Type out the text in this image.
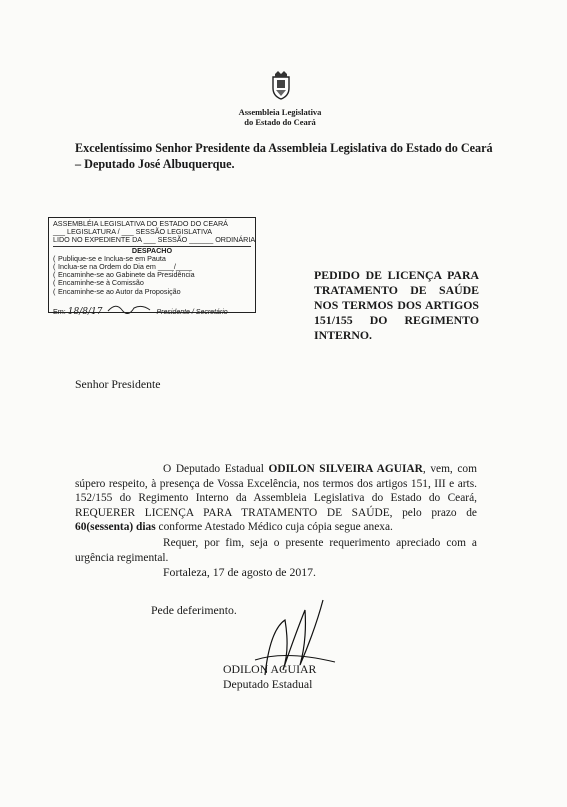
Assembleia Legislativa
do Estado do Ceará
Excelentíssimo Senhor Presidente da Assembleia Legislativa do Estado do Ceará – Deputado José Albuquerque.
ASSEMBLÉIA LEGISLATIVA DO ESTADO DO CEARÁ
___ LEGISLATURA / ___ SESSÃO LEGISLATIVA
LIDO NO EXPEDIENTE DA ___ SESSÃO ______ ORDINÁRIA
DESPACHO
( Publique-se e Inclua-se em Pauta
( Inclua-se na Ordem do Dia em ____/____
( Encaminhe-se ao Gabinete da Presidência
( Encaminhe-se à Comissão
( Encaminhe-se ao Autor da Proposição
Em: 18/8/17	Presidente / Secretário
PEDIDO DE LICENÇA PARA TRATAMENTO DE SAÚDE NOS TERMOS DOS ARTIGOS 151/155 DO REGIMENTO INTERNO.
Senhor Presidente
O Deputado Estadual ODILON SILVEIRA AGUIAR, vem, com súpero respeito, à presença de Vossa Excelência, nos termos dos artigos 151, III e arts. 152/155 do Regimento Interno da Assembleia Legislativa do Estado do Ceará, REQUERER LICENÇA PARA TRATAMENTO DE SAÚDE, pelo prazo de 60(sessenta) dias conforme Atestado Médico cuja cópia segue anexa.
Requer, por fim, seja o presente requerimento apreciado com a urgência regimental.
Fortaleza, 17 de agosto de 2017.
Pede deferimento.
ODILON AGUIAR
Deputado Estadual
